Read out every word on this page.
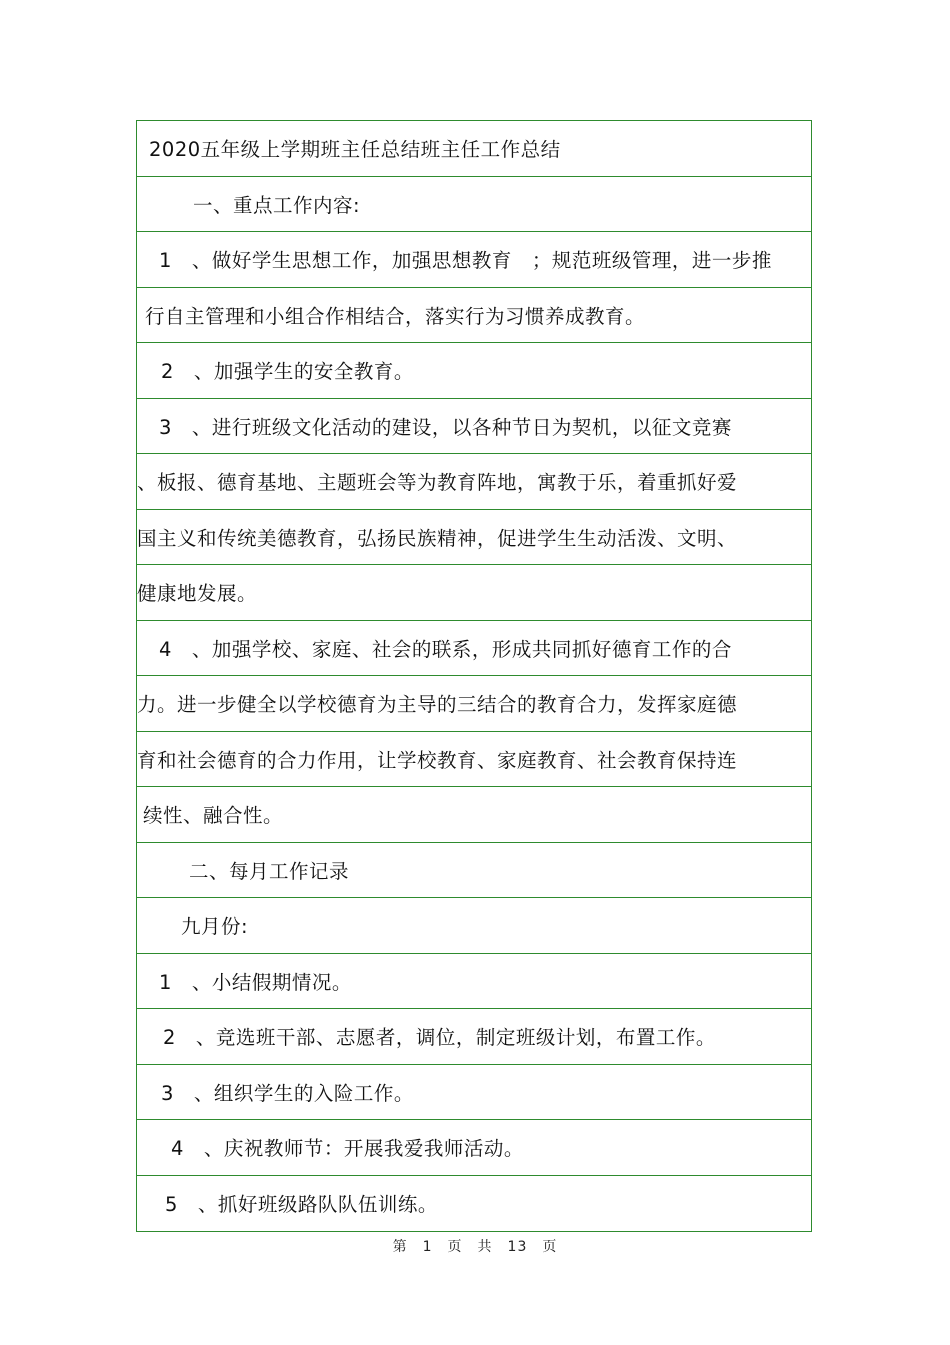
2020五年级上学期班主任总结班主任工作总结
一、重点工作内容:
1　、做好学生思想工作，加强思想教育　；规范班级管理，进一步推
行自主管理和小组合作相结合，落实行为习惯养成教育。
2　、加强学生的安全教育。
3　、进行班级文化活动的建设，以各种节日为契机，以征文竞赛
、板报、德育基地、主题班会等为教育阵地，寓教于乐，着重抓好爱
国主义和传统美德教育，弘扬民族精神，促进学生生动活泼、文明、
健康地发展。
4　、加强学校、家庭、社会的联系，形成共同抓好德育工作的合
力。进一步健全以学校德育为主导的三结合的教育合力，发挥家庭德
育和社会德育的合力作用，让学校教育、家庭教育、社会教育保持连
续性、融合性。
二、每月工作记录
九月份:
1　、小结假期情况。
2　、竞选班干部、志愿者，调位，制定班级计划，布置工作。
3　、组织学生的入险工作。
4　、庆祝教师节：开展我爱我师活动。
5　、抓好班级路队队伍训练。
第　1　页　共　13　页
